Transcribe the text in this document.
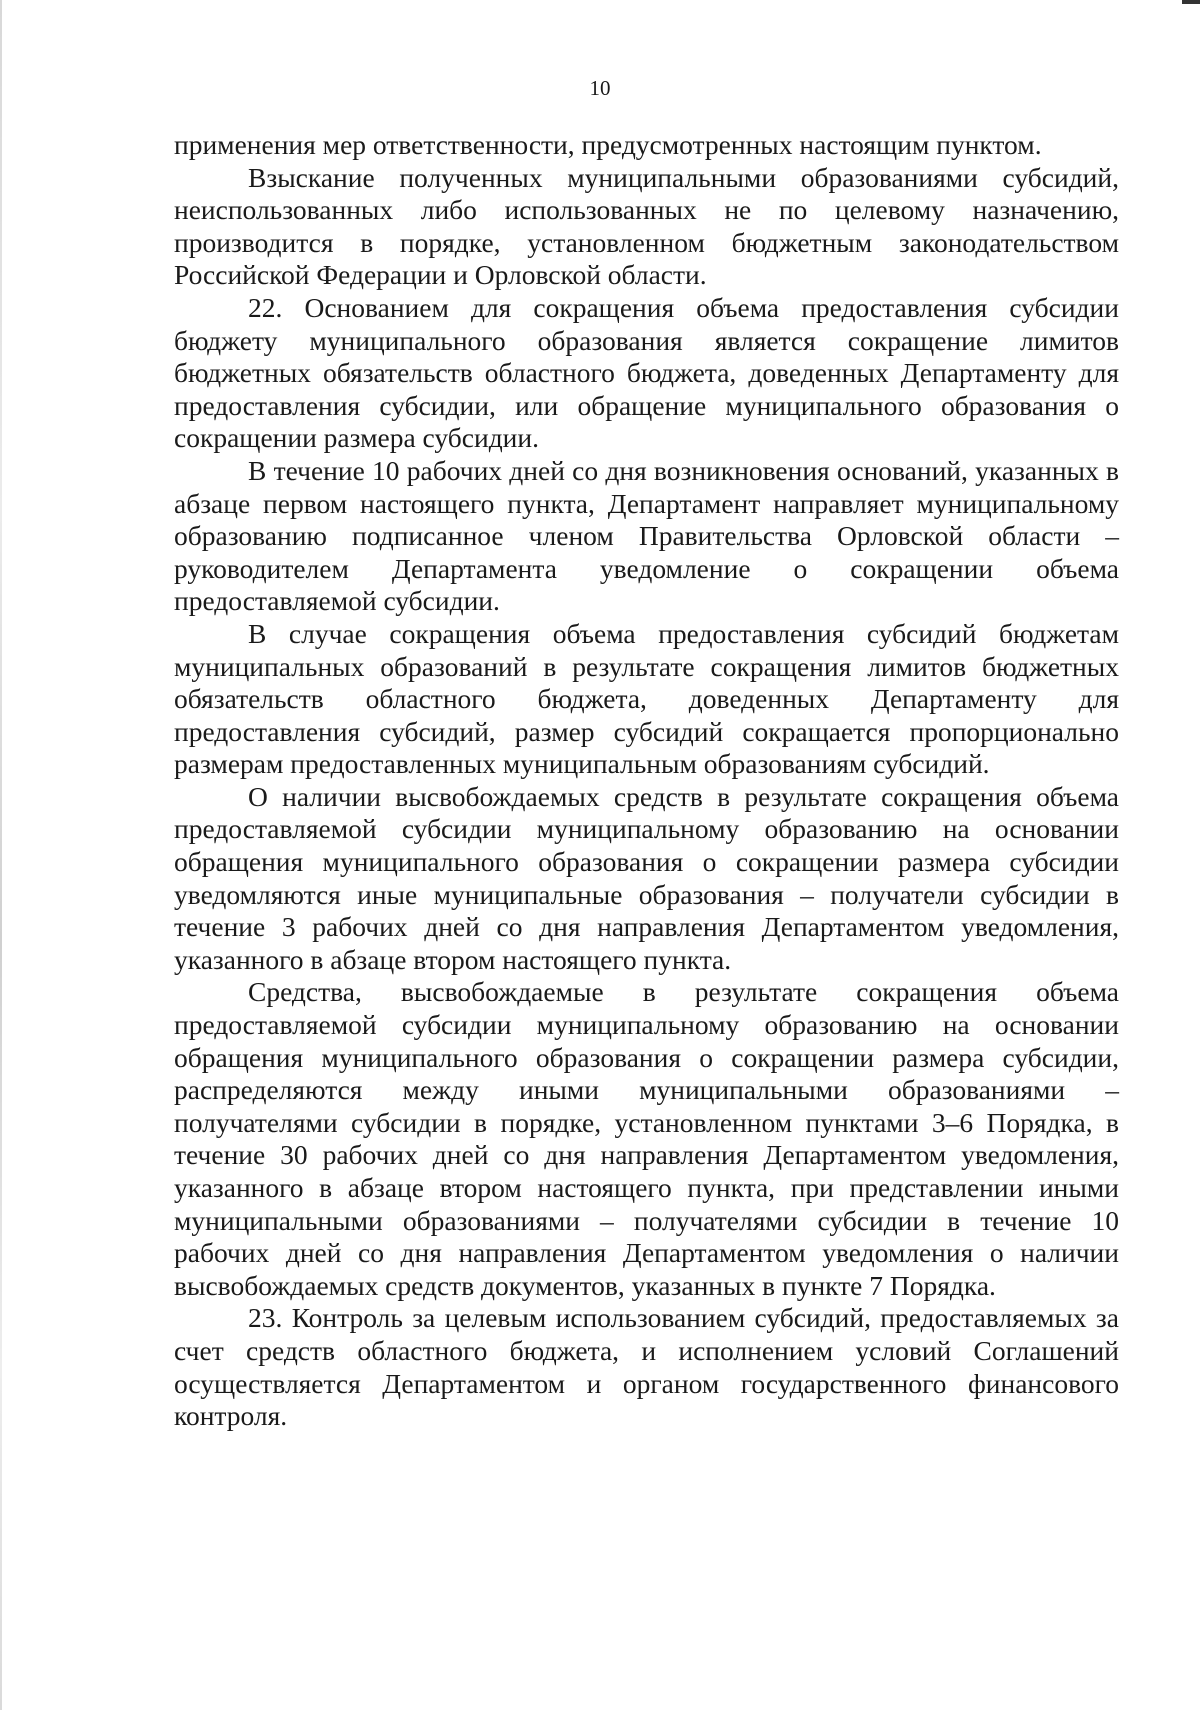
10

применения мер ответственности, предусмотренных настоящим пунктом.

Взыскание полученных муниципальными образованиями субсидий, неиспользованных либо использованных не по целевому назначению, производится в порядке, установленном бюджетным законодательством Российской Федерации и Орловской области.

22. Основанием для сокращения объема предоставления субсидии бюджету муниципального образования является сокращение лимитов бюджетных обязательств областного бюджета, доведенных Департаменту для предоставления субсидии, или обращение муниципального образования о сокращении размера субсидии.

В течение 10 рабочих дней со дня возникновения оснований, указанных в абзаце первом настоящего пункта, Департамент направляет муниципальному образованию подписанное членом Правительства Орловской области – руководителем Департамента уведомление о сокращении объема предоставляемой субсидии.

В случае сокращения объема предоставления субсидий бюджетам муниципальных образований в результате сокращения лимитов бюджетных обязательств областного бюджета, доведенных Департаменту для предоставления субсидий, размер субсидий сокращается пропорционально размерам предоставленных муниципальным образованиям субсидий.

О наличии высвобождаемых средств в результате сокращения объема предоставляемой субсидии муниципальному образованию на основании обращения муниципального образования о сокращении размера субсидии уведомляются иные муниципальные образования – получатели субсидии в течение 3 рабочих дней со дня направления Департаментом уведомления, указанного в абзаце втором настоящего пункта.

Средства, высвобождаемые в результате сокращения объема предоставляемой субсидии муниципальному образованию на основании обращения муниципального образования о сокращении размера субсидии, распределяются между иными муниципальными образованиями – получателями субсидии в порядке, установленном пунктами 3–6 Порядка, в течение 30 рабочих дней со дня направления Департаментом уведомления, указанного в абзаце втором настоящего пункта, при представлении иными муниципальными образованиями – получателями субсидии в течение 10 рабочих дней со дня направления Департаментом уведомления о наличии высвобождаемых средств документов, указанных в пункте 7 Порядка.

23. Контроль за целевым использованием субсидий, предоставляемых за счет средств областного бюджета, и исполнением условий Соглашений осуществляется Департаментом и органом государственного финансового контроля.
